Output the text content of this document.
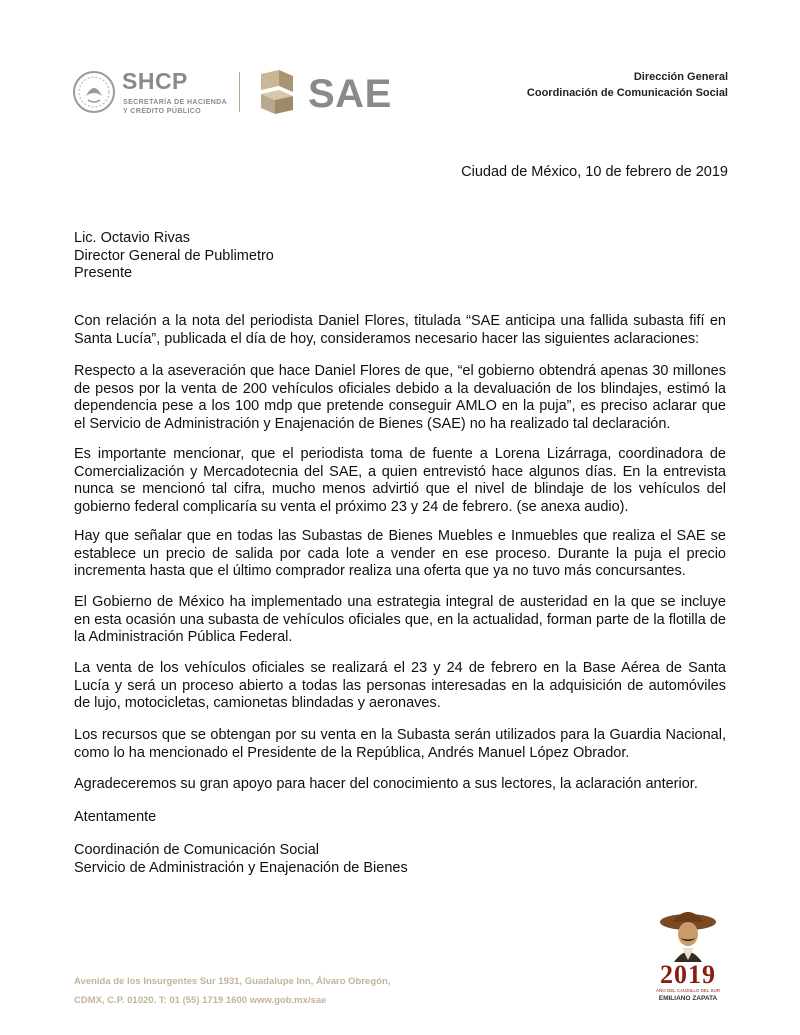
SHCP
SECRETARÍA DE HACIENDA
Y CRÉDITO PÚBLICO	SAE	Dirección General
Coordinación de Comunicación Social
Ciudad de México, 10 de febrero de 2019
Lic. Octavio Rivas
Director General de Publimetro
Presente

Con relación a la nota del periodista Daniel Flores, titulada “SAE anticipa una fallida subasta fifí en Santa Lucía”, publicada el día de hoy, consideramos necesario hacer las siguientes aclaraciones:

Respecto a la aseveración que hace Daniel Flores de que, “el gobierno obtendrá apenas 30 millones de pesos por la venta de 200 vehículos oficiales debido a la devaluación de los blindajes, estimó la dependencia pese a los 100 mdp que pretende conseguir AMLO en la puja”, es preciso aclarar que el Servicio de Administración y Enajenación de Bienes (SAE) no ha realizado tal declaración.

Es importante mencionar, que el periodista toma de fuente a Lorena Lizárraga, coordinadora de Comercialización y Mercadotecnia del SAE, a quien entrevistó hace algunos días. En la entrevista nunca se mencionó tal cifra, mucho menos advirtió que el nivel de blindaje de los vehículos del gobierno federal complicaría su venta el próximo 23 y 24 de febrero. (se anexa audio).

Hay que señalar que en todas las Subastas de Bienes Muebles e Inmuebles que realiza el SAE se establece un precio de salida por cada lote a vender en ese proceso. Durante la puja el precio incrementa hasta que el último comprador realiza una oferta que ya no tuvo más concursantes.

El Gobierno de México ha implementado una estrategia integral de austeridad en la que se incluye en esta ocasión una subasta de vehículos oficiales que, en la actualidad, forman parte de la flotilla de la Administración Pública Federal.

La venta de los vehículos oficiales se realizará el 23 y 24 de febrero en la Base Aérea de Santa Lucía y será un proceso abierto a todas las personas interesadas en la adquisición de automóviles de lujo, motocicletas, camionetas blindadas y aeronaves.

Los recursos que se obtengan por su venta en la Subasta serán utilizados para la Guardia Nacional, como lo ha mencionado el Presidente de la República, Andrés Manuel López Obrador.

Agradeceremos su gran apoyo para hacer del conocimiento a sus lectores, la aclaración anterior.

Atentamente
Coordinación de Comunicación Social
Servicio de Administración y Enajenación de Bienes
Avenida de los Insurgentes Sur 1931, Guadalupe Inn, Álvaro Obregón,
CDMX, C.P. 01020. T: 01 (55) 1719 1600 www.gob.mx/sae
2019
AÑO DEL CAUDILLO DEL SUR
EMILIANO ZAPATA
